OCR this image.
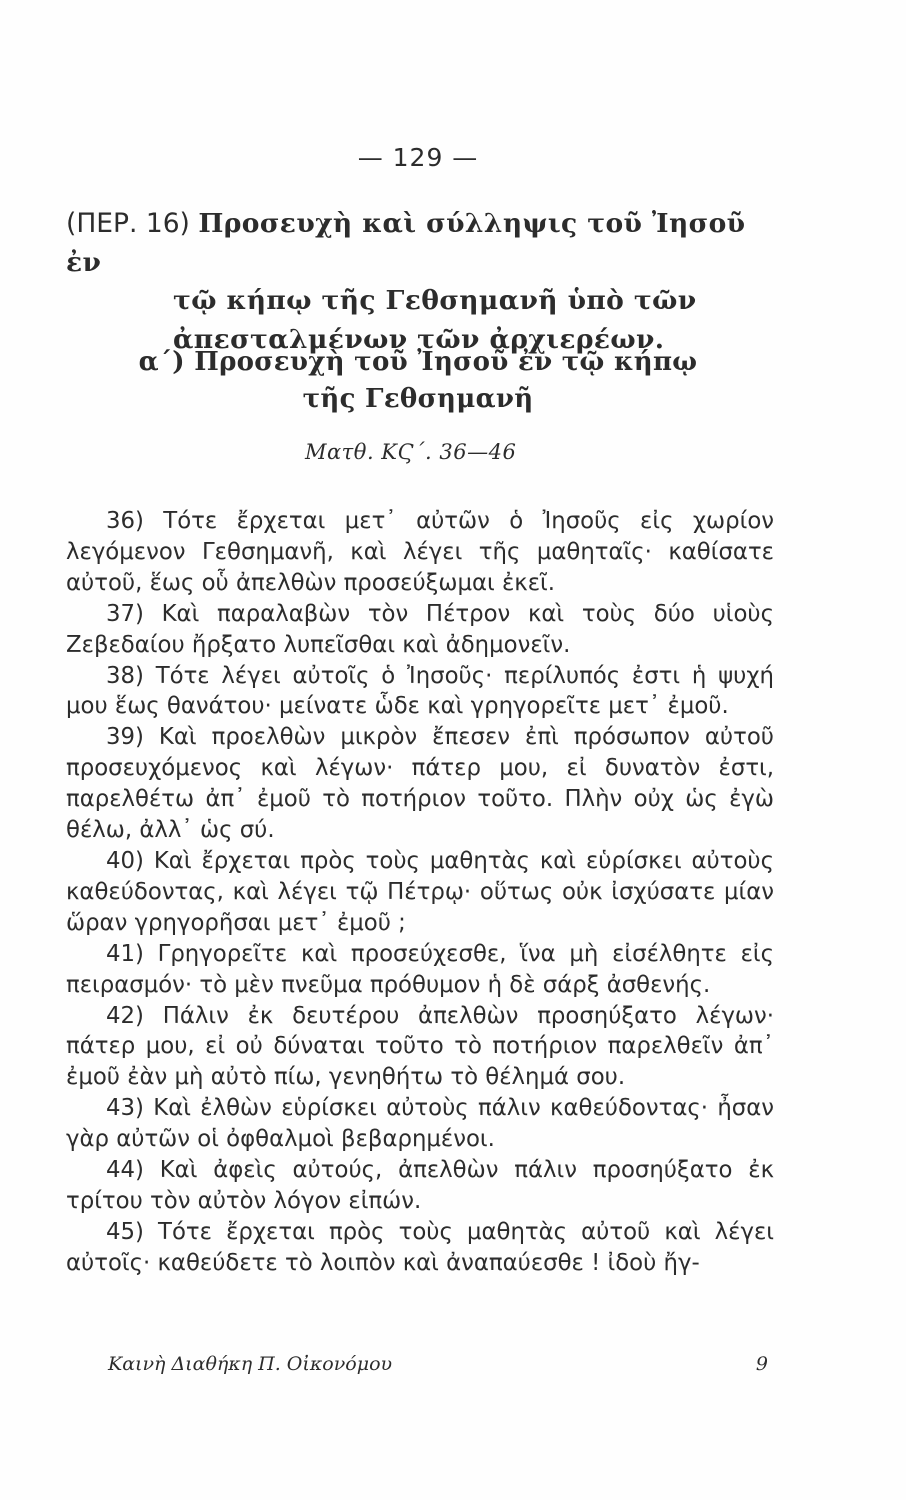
— 129 —
(ΠΕΡ. 16) Προσευχὴ καὶ σύλληψις τοῦ Ἰησοῦ ἐν
τῷ κήπῳ τῆς Γεθσημανῆ ὑπὸ τῶν
ἀπεσταλμένων τῶν ἀρχιερέων.
α΄) Προσευχὴ τοῦ Ἰησοῦ ἐν τῷ κήπῳ
τῆς Γεθσημανῆ
Ματθ. ΚϚ΄. 36—46

36) Τότε ἔρχεται μετ᾽ αὐτῶν ὁ Ἰησοῦς εἰς χωρίον λεγόμενον Γεθσημανῆ, καὶ λέγει τῆς μαθηταῖς· καθίσατε αὐτοῦ, ἕως οὗ ἀπελθὼν προσεύξωμαι ἐκεῖ.

37) Καὶ παραλαβὼν τὸν Πέτρον καὶ τοὺς δύο υἱοὺς Ζεβεδαίου ἤρξατο λυπεῖσθαι καὶ ἀδημονεῖν.

38) Τότε λέγει αὐτοῖς ὁ Ἰησοῦς· περίλυπός ἐστι ἡ ψυχή μου ἕως θανάτου· μείνατε ὧδε καὶ γρηγορεῖτε μετ᾽ ἐμοῦ.

39) Καὶ προελθὼν μικρὸν ἔπεσεν ἐπὶ πρόσωπον αὐτοῦ προσευχόμενος καὶ λέγων· πάτερ μου, εἰ δυνατὸν ἐστι, παρελθέτω ἀπ᾽ ἐμοῦ τὸ ποτήριον τοῦτο. Πλὴν οὐχ ὡς ἐγὼ θέλω, ἀλλ᾽ ὡς σύ.

40) Καὶ ἔρχεται πρὸς τοὺς μαθητὰς καὶ εὑρίσκει αὐτοὺς καθεύδοντας, καὶ λέγει τῷ Πέτρῳ· οὕτως οὐκ ἰσχύσατε μίαν ὥραν γρηγορῆσαι μετ᾽ ἐμοῦ ;

41) Γρηγορεῖτε καὶ προσεύχεσθε, ἵνα μὴ εἰσέλθητε εἰς πειρασμόν· τὸ μὲν πνεῦμα πρόθυμον ἡ δὲ σάρξ ἀσθενής.

42) Πάλιν ἐκ δευτέρου ἀπελθὼν προσηύξατο λέγων· πάτερ μου, εἰ οὐ δύναται τοῦτο τὸ ποτήριον παρελθεῖν ἀπ᾽ ἐμοῦ ἐὰν μὴ αὐτὸ πίω, γενηθήτω τὸ θέλημά σου.

43) Καὶ ἐλθὼν εὑρίσκει αὐτοὺς πάλιν καθεύδοντας· ἦσαν γὰρ αὐτῶν οἱ ὀφθαλμοὶ βεβαρημένοι.

44) Καὶ ἀφεὶς αὐτούς, ἀπελθὼν πάλιν προσηύξατο ἐκ τρίτου τὸν αὐτὸν λόγον εἰπών.

45) Τότε ἔρχεται πρὸς τοὺς μαθητὰς αὐτοῦ καὶ λέγει αὐτοῖς· καθεύδετε τὸ λοιπὸν καὶ ἀναπαύεσθε ! ἰδοὺ ἤγ-

Καινὴ Διαθήκη Π. Οἰκονόμου	9
